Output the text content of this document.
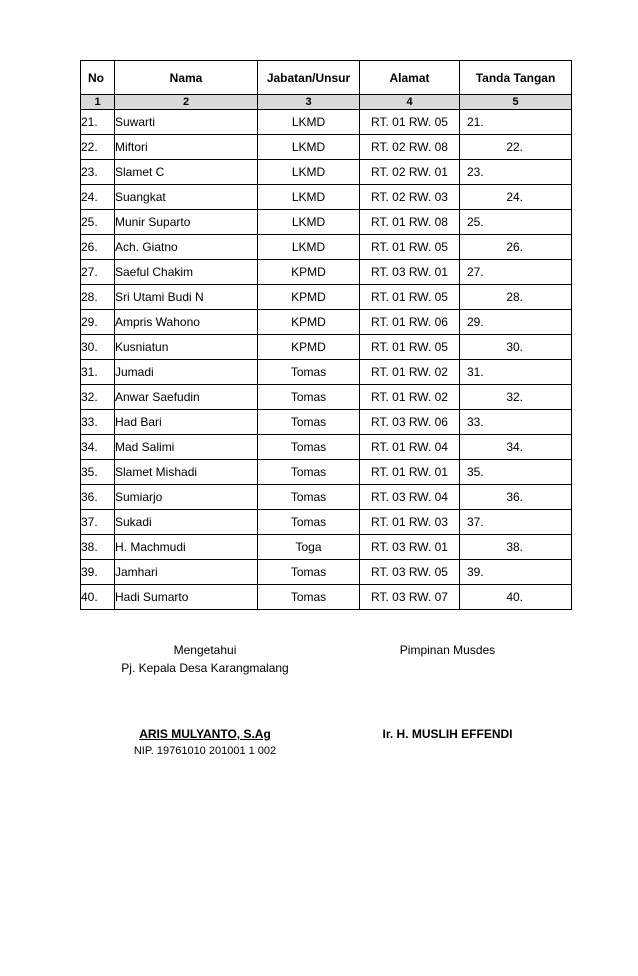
No	Nama	Jabatan/Unsur	Alamat	Tanda Tangan
1	2	3	4	5
21.	Suwarti	LKMD	RT. 01 RW. 05	21.

22.	Miftori	LKMD	RT. 02 RW. 08	22.

23.	Slamet C	LKMD	RT. 02 RW. 01	23.

24.	Suangkat	LKMD	RT. 02 RW. 03	24.

25.	Munir Suparto	LKMD	RT. 01 RW. 08	25.

26.	Ach. Giatno	LKMD	RT. 01 RW. 05	26.

27.	Saeful Chakim	KPMD	RT. 03 RW. 01	27.

28.	Sri Utami Budi N	KPMD	RT. 01 RW. 05	28.

29.	Ampris Wahono	KPMD	RT. 01 RW. 06	29.

30.	Kusniatun	KPMD	RT. 01 RW. 05	30.

31.	Jumadi	Tomas	RT. 01 RW. 02	31.

32.	Anwar Saefudin	Tomas	RT. 01 RW. 02	32.

33.	Had Bari	Tomas	RT. 03 RW. 06	33.

34.	Mad Salimi	Tomas	RT. 01 RW. 04	34.

35.	Slamet Mishadi	Tomas	RT. 01 RW. 01	35.

36.	Sumiarjo	Tomas	RT. 03 RW. 04	36.

37.	Sukadi	Tomas	RT. 01 RW. 03	37.

38.	H. Machmudi	Toga	RT. 03 RW. 01	38.

39.	Jamhari	Tomas	RT. 03 RW. 05	39.

40.	Hadi Sumarto	Tomas	RT. 03 RW. 07	40.
Mengetahui
Pj. Kepala Desa Karangmalang
Pimpinan Musdes
ARIS MULYANTO, S.Ag
NIP. 19761010 201001 1 002
Ir. H. MUSLIH EFFENDI
